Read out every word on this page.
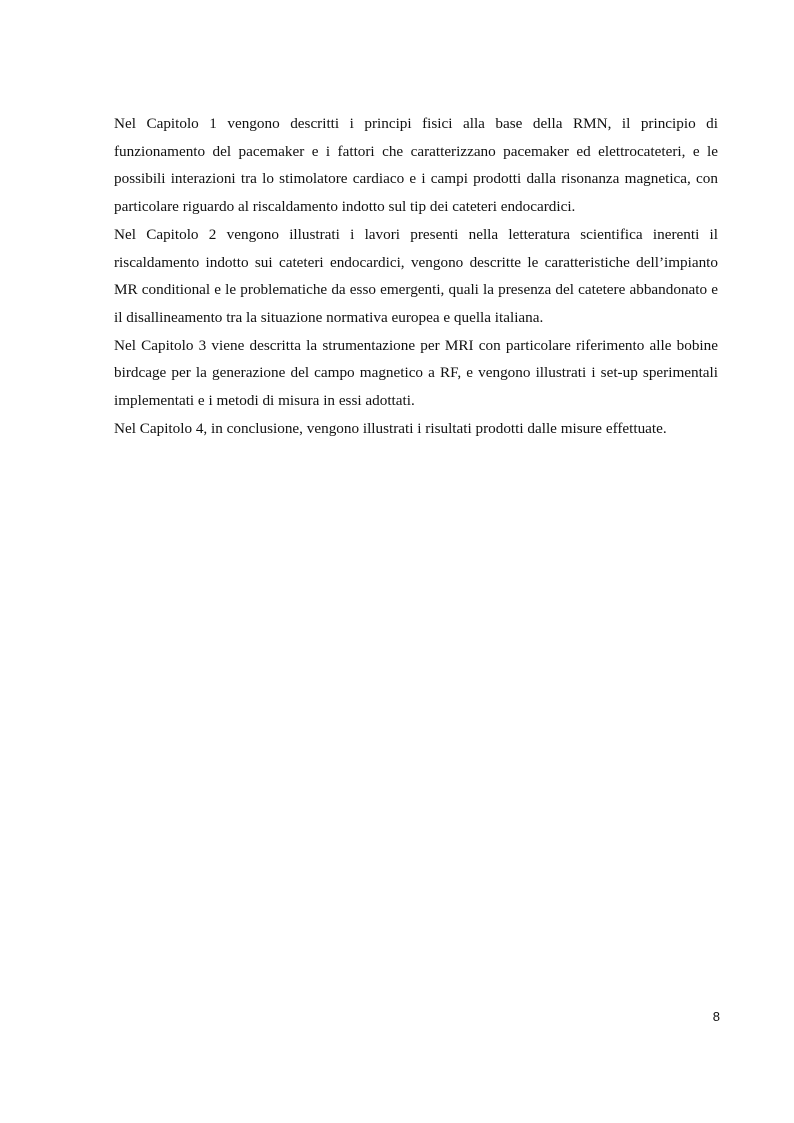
Nel Capitolo 1 vengono descritti i principi fisici alla base della RMN, il principio di funzionamento del pacemaker e i fattori che caratterizzano pacemaker ed elettrocateteri, e le possibili interazioni tra lo stimolatore cardiaco e i campi prodotti dalla risonanza magnetica, con particolare riguardo al riscaldamento indotto sul tip dei cateteri endocardici.

Nel Capitolo 2 vengono illustrati i lavori presenti nella letteratura scientifica inerenti il riscaldamento indotto sui cateteri endocardici, vengono descritte le caratteristiche dell’impianto MR conditional e le problematiche da esso emergenti, quali la presenza del catetere abbandonato e il disallineamento tra la situazione normativa europea e quella italiana.

Nel Capitolo 3 viene descritta la strumentazione per MRI con particolare riferimento alle bobine birdcage per la generazione del campo magnetico a RF, e vengono illustrati i set-up sperimentali implementati e i metodi di misura in essi adottati.

Nel Capitolo 4, in conclusione, vengono illustrati i risultati prodotti dalle misure effettuate.

8
